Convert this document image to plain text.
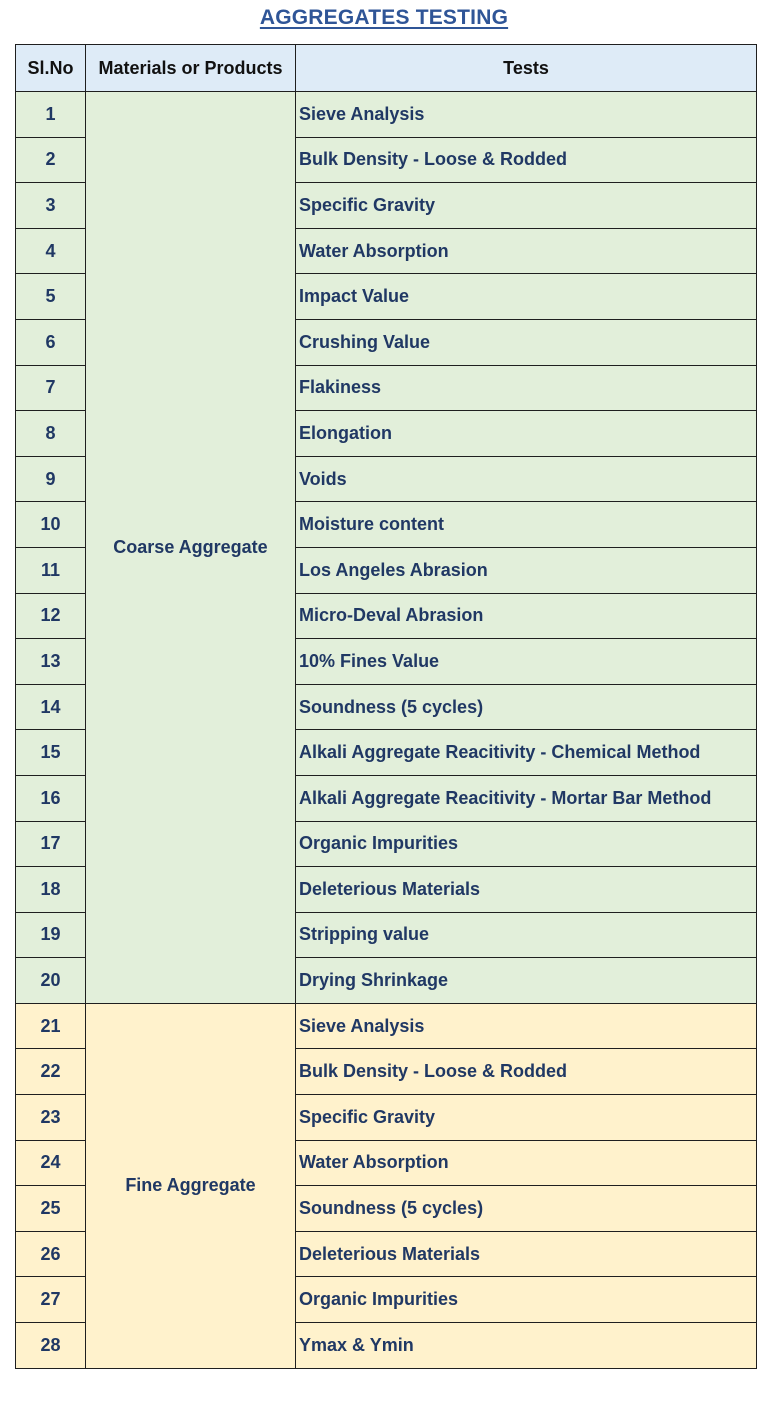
AGGREGATES TESTING
Sl.No	Materials or Products	Tests
1	Coarse Aggregate	Sieve Analysis
2		Bulk Density - Loose & Rodded
3		Specific Gravity
4		Water Absorption
5		Impact Value
6		Crushing Value
7		Flakiness
8		Elongation
9		Voids
10		Moisture content
11		Los Angeles Abrasion
12		Micro-Deval Abrasion
13		10% Fines Value
14		Soundness (5 cycles)
15		Alkali Aggregate Reacitivity - Chemical Method
16		Alkali Aggregate Reacitivity - Mortar Bar Method
17		Organic Impurities
18		Deleterious Materials
19		Stripping value
20		Drying Shrinkage
21	Fine Aggregate	Sieve Analysis
22		Bulk Density - Loose & Rodded
23		Specific Gravity
24		Water Absorption
25		Soundness (5 cycles)
26		Deleterious Materials
27		Organic Impurities
28		Ymax & Ymin
